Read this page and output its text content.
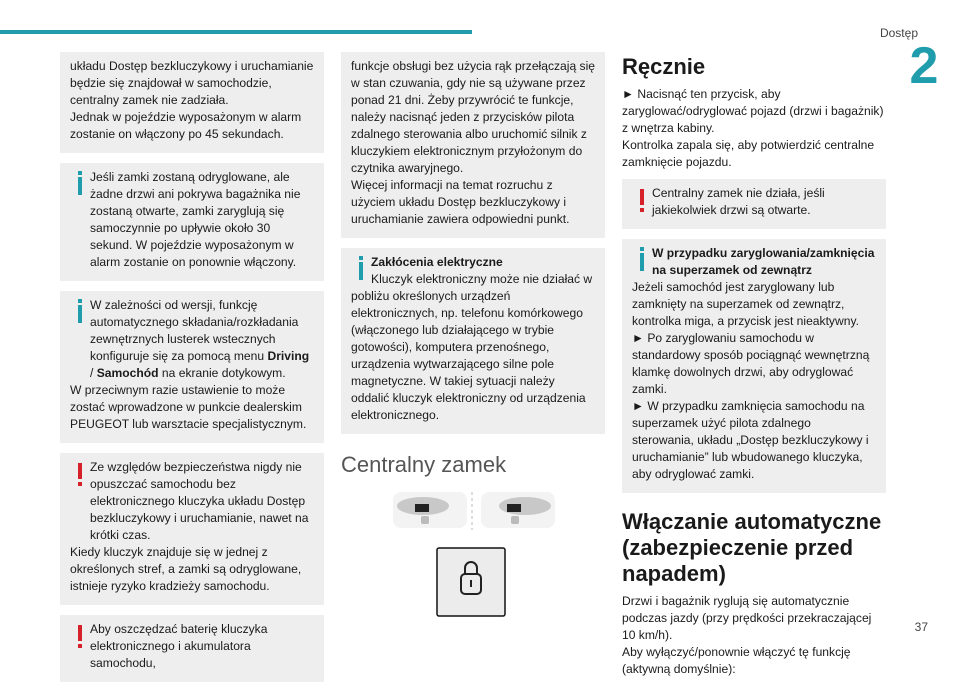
Dostęp
2
37

układu Dostęp bezkluczykowy i uruchamianie będzie się znajdował w samochodzie, centralny zamek nie zadziała.

Jednak w pojeździe wyposażonym w alarm zostanie on włączony po 45 sekundach.

Jeśli zamki zostaną odryglowane, ale żadne drzwi ani pokrywa bagażnika nie zostaną otwarte, zamki zaryglują się samoczynnie po upływie około 30 sekund. W pojeździe wyposażonym w alarm zostanie on ponownie włączony.

W zależności od wersji, funkcję automatycznego składania/rozkładania zewnętrznych lusterek wstecznych konfiguruje się za pomocą menu Driving / Samochód na ekranie dotykowym.

W przeciwnym razie ustawienie to może zostać wprowadzone w punkcie dealerskim PEUGEOT lub warsztacie specjalistycznym.

Ze względów bezpieczeństwa nigdy nie opuszczać samochodu bez elektronicznego kluczyka układu Dostęp bezkluczykowy i uruchamianie, nawet na krótki czas.

Kiedy kluczyk znajduje się w jednej z określonych stref, a zamki są odryglowane, istnieje ryzyko kradzieży samochodu.

Aby oszczędzać baterię kluczyka elektronicznego i akumulatora samochodu,

funkcje obsługi bez użycia rąk przełączają się w stan czuwania, gdy nie są używane przez ponad 21 dni. Żeby przywrócić te funkcje, należy nacisnąć jeden z przycisków pilota zdalnego sterowania albo uruchomić silnik z kluczykiem elektronicznym przyłożonym do czytnika awaryjnego.

Więcej informacji na temat rozruchu z użyciem układu Dostęp bezkluczykowy i uruchamianie zawiera odpowiedni punkt.

Zakłócenia elektryczne

Kluczyk elektroniczny może nie działać w pobliżu określonych urządzeń elektronicznych, np. telefonu komórkowego (włączonego lub działającego w trybie gotowości), komputera przenośnego, urządzenia wytwarzającego silne pole magnetyczne. W takiej sytuacji należy oddalić kluczyk elektroniczny od urządzenia elektronicznego.

Centralny zamek
Ręcznie

► Nacisnąć ten przycisk, aby zaryglować/odryglować pojazd (drzwi i bagażnik) z wnętrza kabiny.

Kontrolka zapala się, aby potwierdzić centralne zamknięcie pojazdu.

Centralny zamek nie działa, jeśli jakiekolwiek drzwi są otwarte.

W przypadku zaryglowania/zamknięcia na superzamek od zewnątrz

Jeżeli samochód jest zaryglowany lub zamknięty na superzamek od zewnątrz, kontrolka miga, a przycisk jest nieaktywny.

► Po zaryglowaniu samochodu w standardowy sposób pociągnąć wewnętrzną klamkę dowolnych drzwi, aby odryglować zamki.

► W przypadku zamknięcia samochodu na superzamek użyć pilota zdalnego sterowania, układu „Dostęp bezkluczykowy i uruchamianie” lub wbudowanego kluczyka, aby odryglować zamki.

Włączanie automatyczne (zabezpieczenie przed napadem)

Drzwi i bagażnik ryglują się automatycznie podczas jazdy (przy prędkości przekraczającej 10 km/h).

Aby wyłączyć/ponownie włączyć tę funkcję (aktywną domyślnie):
